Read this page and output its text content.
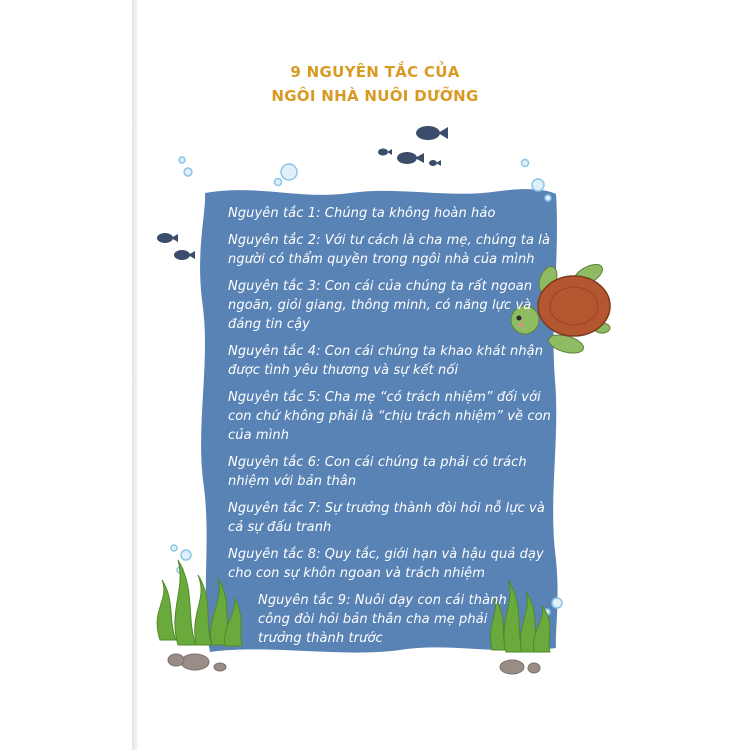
9 NGUYÊN TẮC CỦA
NGÔI NHÀ NUÔI DƯỠNG

Nguyên tắc 1: Chúng ta không hoàn hảo

Nguyên tắc 2: Với tư cách là cha mẹ, chúng ta là người có thẩm quyền trong ngôi nhà của mình

Nguyên tắc 3: Con cái của chúng ta rất ngoan ngoãn, giỏi giang, thông minh, có năng lực và đáng tin cậy

Nguyên tắc 4: Con cái chúng ta khao khát nhận được tình yêu thương và sự kết nối

Nguyên tắc 5: Cha mẹ “có trách nhiệm” đối với con chứ không phải là “chịu trách nhiệm” về con của mình

Nguyên tắc 6: Con cái chúng ta phải có trách nhiệm với bản thân

Nguyên tắc 7: Sự trưởng thành đòi hỏi nỗ lực và cả sự đấu tranh

Nguyên tắc 8: Quy tắc, giới hạn và hậu quả dạy cho con sự khôn ngoan và trách nhiệm

Nguyên tắc 9: Nuôi dạy con cái thành công đòi hỏi bản thân cha mẹ phải trưởng thành trước
